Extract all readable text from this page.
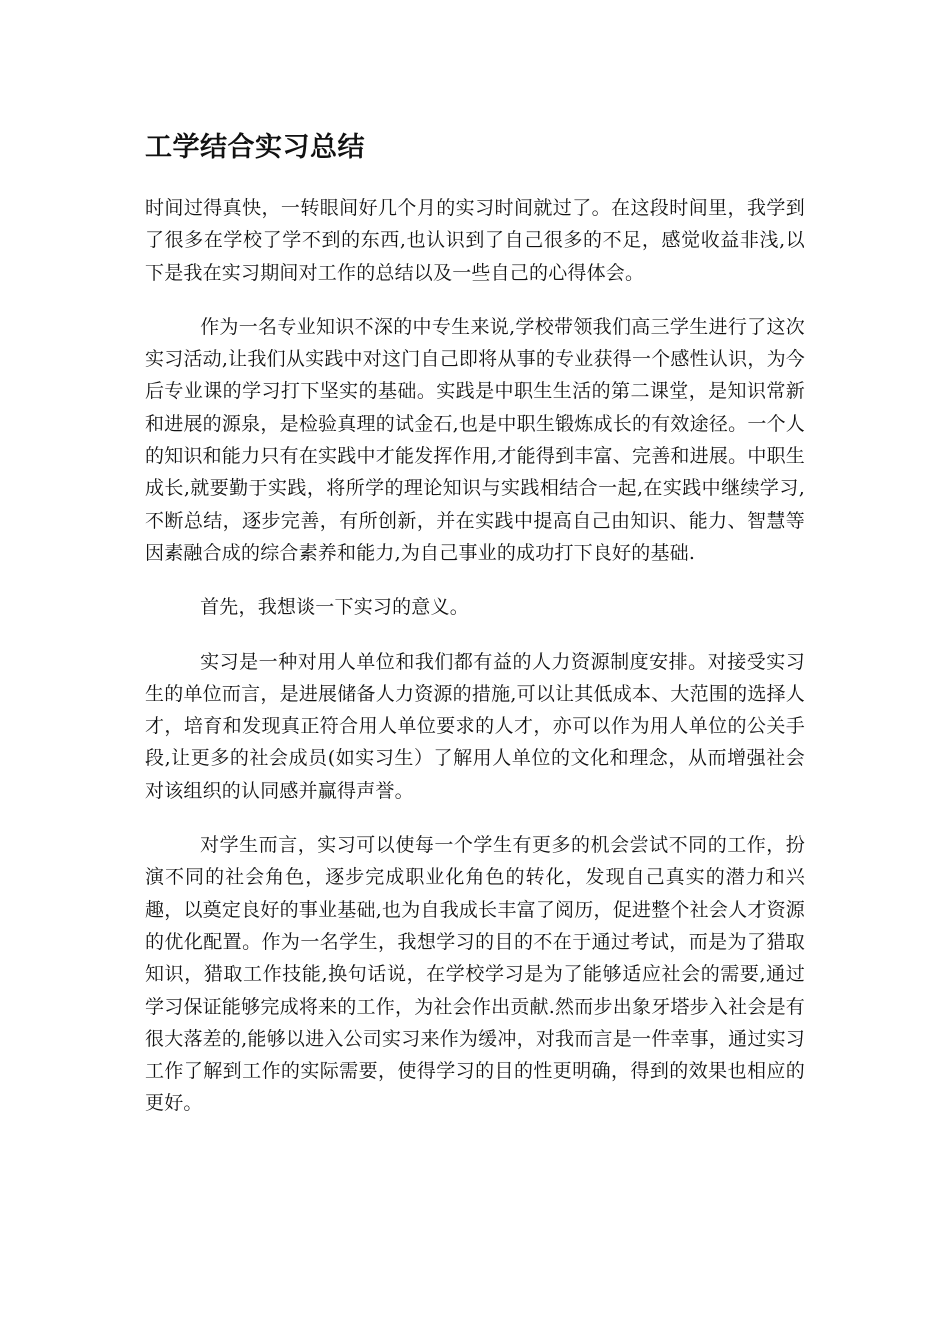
工学结合实习总结

时间过得真快，一转眼间好几个月的实习时间就过了。在这段时间里，我学到了很多在学校了学不到的东西,也认识到了自己很多的不足，感觉收益非浅,以下是我在实习期间对工作的总结以及一些自己的心得体会。

作为一名专业知识不深的中专生来说,学校带领我们高三学生进行了这次实习活动,让我们从实践中对这门自己即将从事的专业获得一个感性认识，为今后专业课的学习打下坚实的基础。实践是中职生生活的第二课堂，是知识常新和进展的源泉，是检验真理的试金石,也是中职生锻炼成长的有效途径。一个人的知识和能力只有在实践中才能发挥作用,才能得到丰富、完善和进展。中职生成长,就要勤于实践，将所学的理论知识与实践相结合一起,在实践中继续学习,不断总结，逐步完善，有所创新，并在实践中提高自己由知识、能力、智慧等因素融合成的综合素养和能力,为自己事业的成功打下良好的基础.

首先，我想谈一下实习的意义。

实习是一种对用人单位和我们都有益的人力资源制度安排。对接受实习生的单位而言，是进展储备人力资源的措施,可以让其低成本、大范围的选择人才，培育和发现真正符合用人单位要求的人才，亦可以作为用人单位的公关手段,让更多的社会成员(如实习生）了解用人单位的文化和理念，从而增强社会对该组织的认同感并赢得声誉。

对学生而言，实习可以使每一个学生有更多的机会尝试不同的工作，扮演不同的社会角色，逐步完成职业化角色的转化，发现自己真实的潜力和兴趣，以奠定良好的事业基础,也为自我成长丰富了阅历，促进整个社会人才资源的优化配置。作为一名学生，我想学习的目的不在于通过考试，而是为了猎取知识，猎取工作技能,换句话说，在学校学习是为了能够适应社会的需要,通过学习保证能够完成将来的工作，为社会作出贡献.然而步出象牙塔步入社会是有很大落差的,能够以进入公司实习来作为缓冲，对我而言是一件幸事，通过实习工作了解到工作的实际需要，使得学习的目的性更明确，得到的效果也相应的更好。
